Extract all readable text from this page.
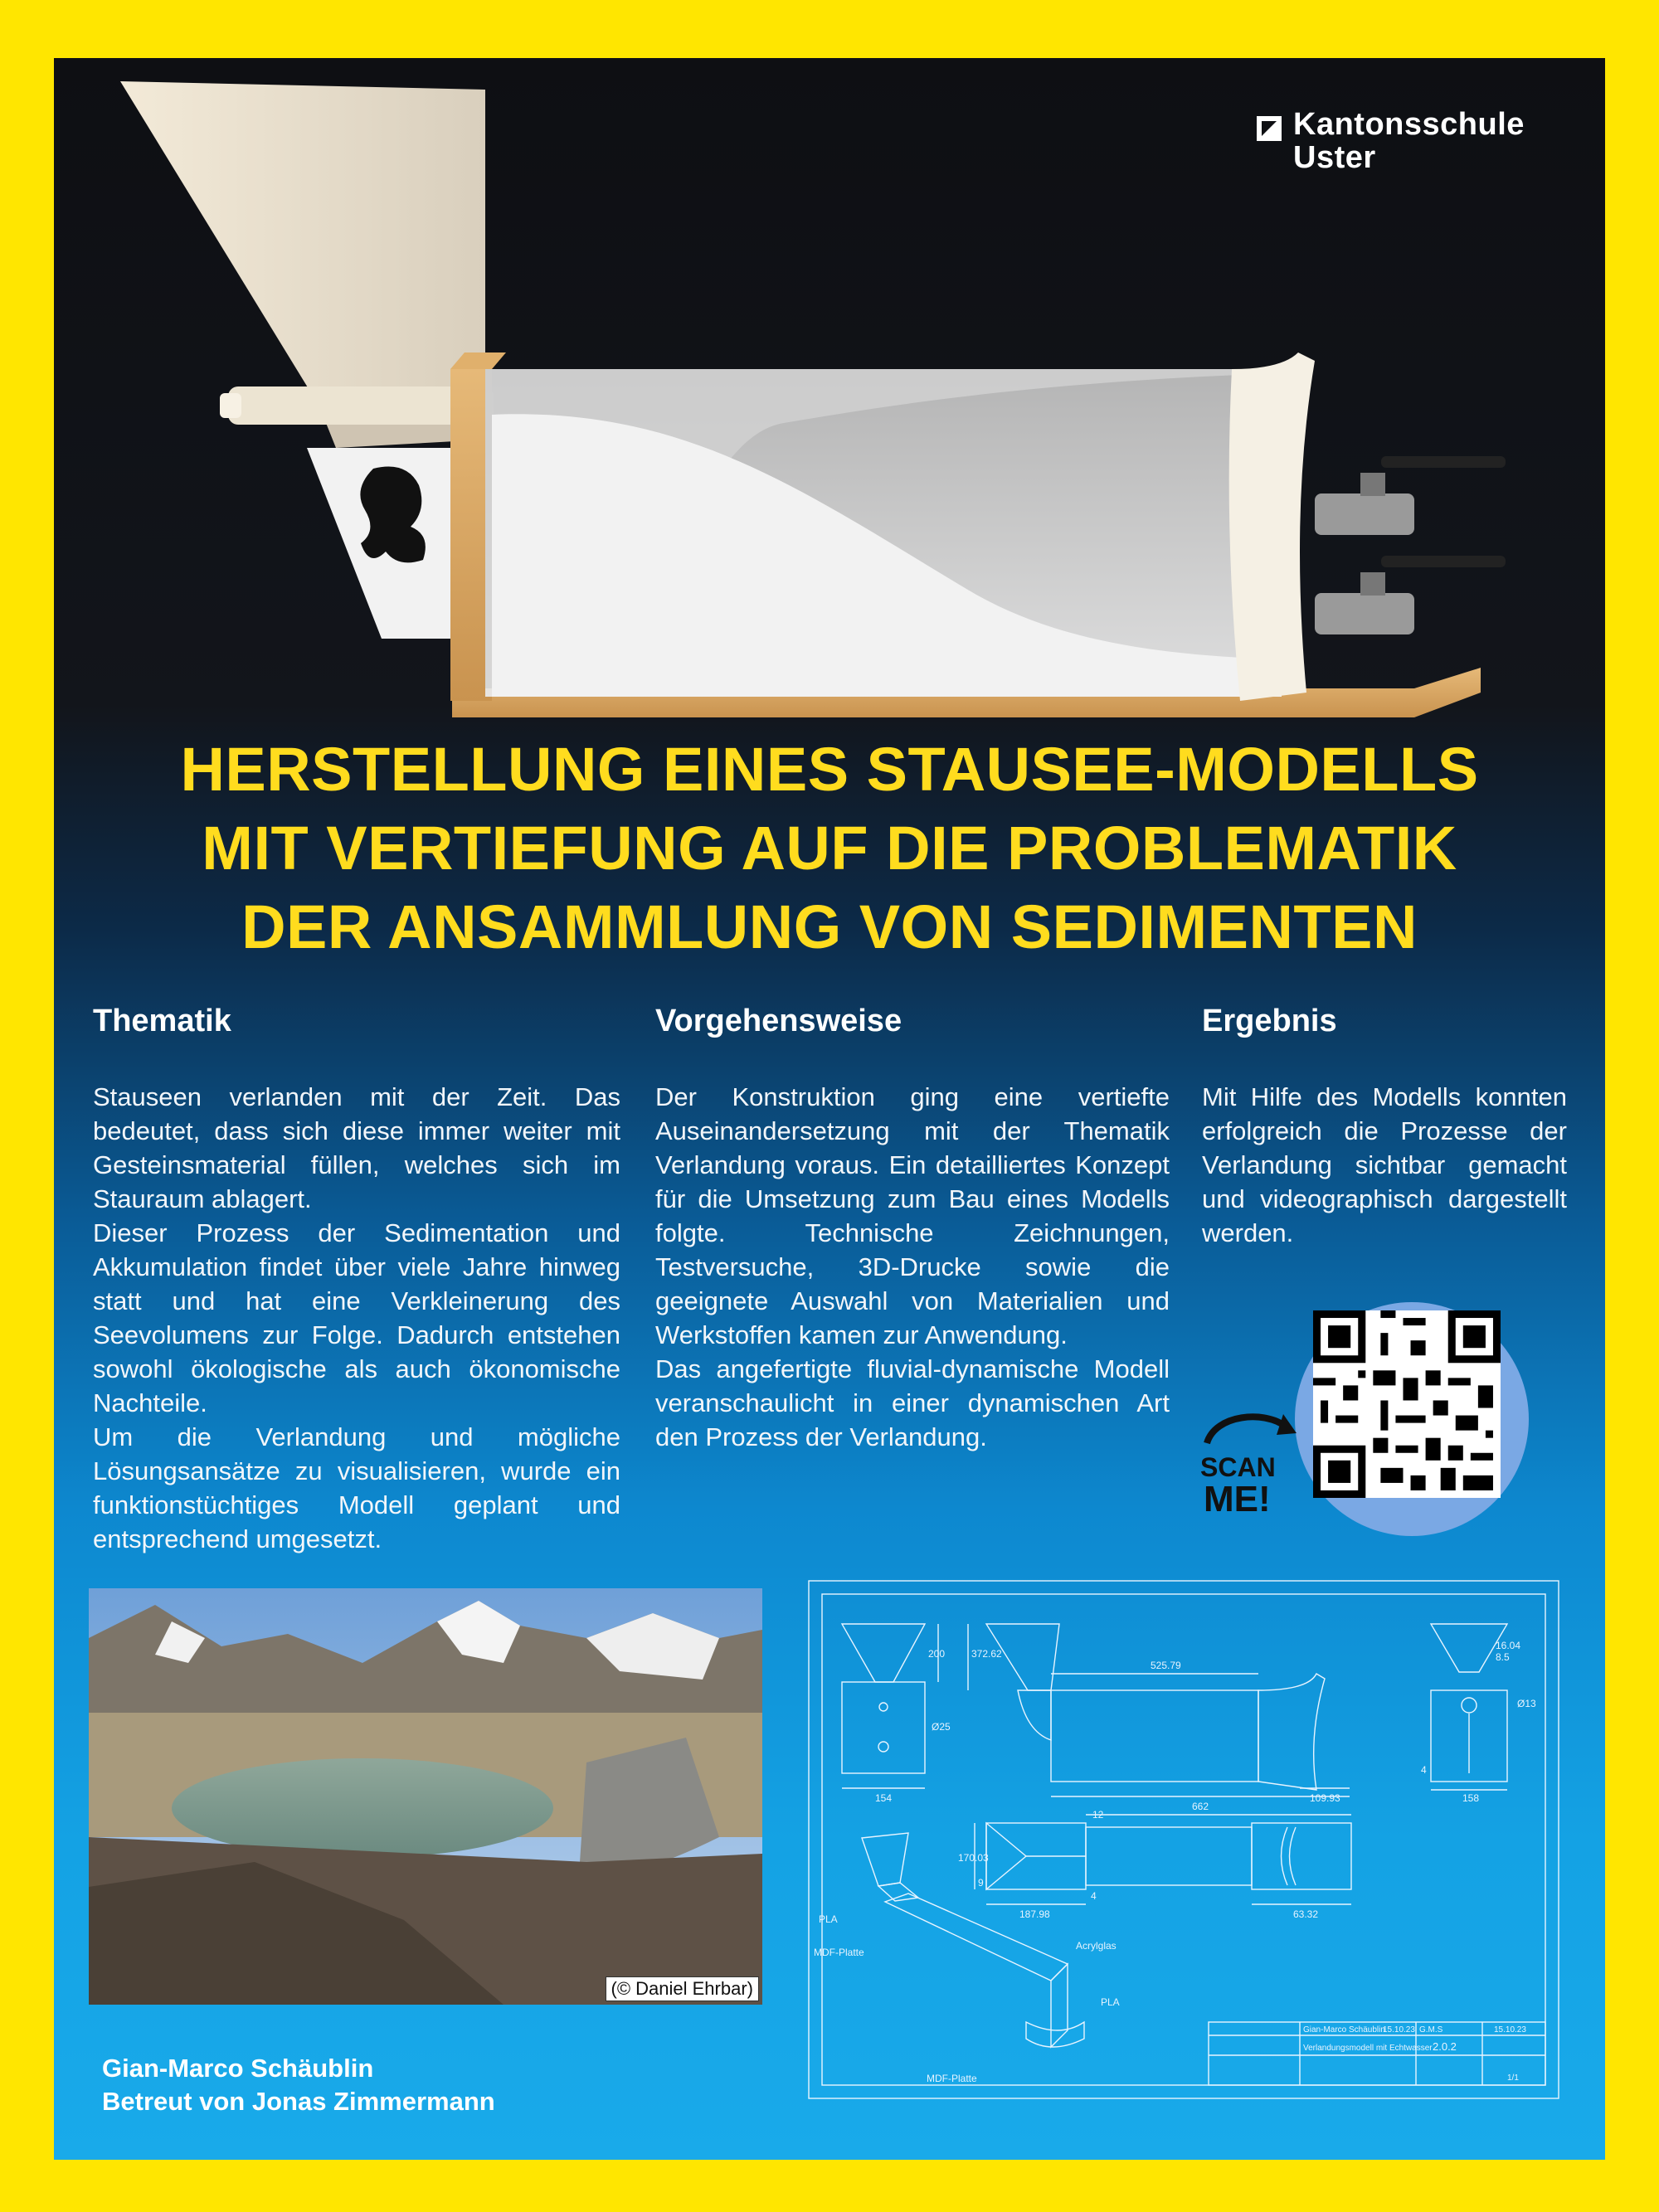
Kantonsschule
Uster
HERSTELLUNG EINES STAUSEE-MODELLS
MIT VERTIEFUNG AUF DIE PROBLEMATIK
DER ANSAMMLUNG VON SEDIMENTEN
Thematik

Stauseen verlanden mit der Zeit. Das bedeutet, dass sich diese immer weiter mit Gesteinsmaterial füllen, welches sich im Stauraum ablagert.

Dieser Prozess der Sedimentation und Akkumulation findet über viele Jahre hinweg statt und hat eine Verkleinerung des Seevolumens zur Folge. Dadurch entstehen sowohl ökologische als auch ökonomische Nachteile.

Um die Verlandung und mögliche Lösungsansätze zu visualisieren, wurde ein funktionstüchtiges Modell geplant und entsprechend umgesetzt.

Vorgehensweise

Der Konstruktion ging eine vertiefte Auseinandersetzung mit der Thematik Verlandung voraus. Ein detailliertes Konzept für die Umsetzung zum Bau eines Modells folgte. Technische Zeichnungen, Testversuche, 3D-Drucke sowie die geeignete Auswahl von Materialien und Werkstoffen kamen zur Anwendung.

Das angefertigte fluvial-dynamische Modell veranschaulicht in einer dynamischen Art den Prozess der Verlandung.

Ergebnis

Mit Hilfe des Modells konnten erfolgreich die Prozesse der Verlandung sichtbar gemacht und videographisch dargestellt werden.

SCAN
ME!
(© Daniel Ehrbar)
200	372.62
525.79
Ø25
154
662
109.93
12
170.03
9
187.98
4
63.32
16.04
8.5
Ø13
158
4
PLA
MDF-Platte
Acrylglas
PLA
MDF-Platte
Gian-Marco Schäublin
15.10.23 G.M.S	15.10.23
Verlandungsmodell mit Echtwasser 2.0.2
1/1
Gian-Marco Schäublin
Betreut von Jonas Zimmermann
